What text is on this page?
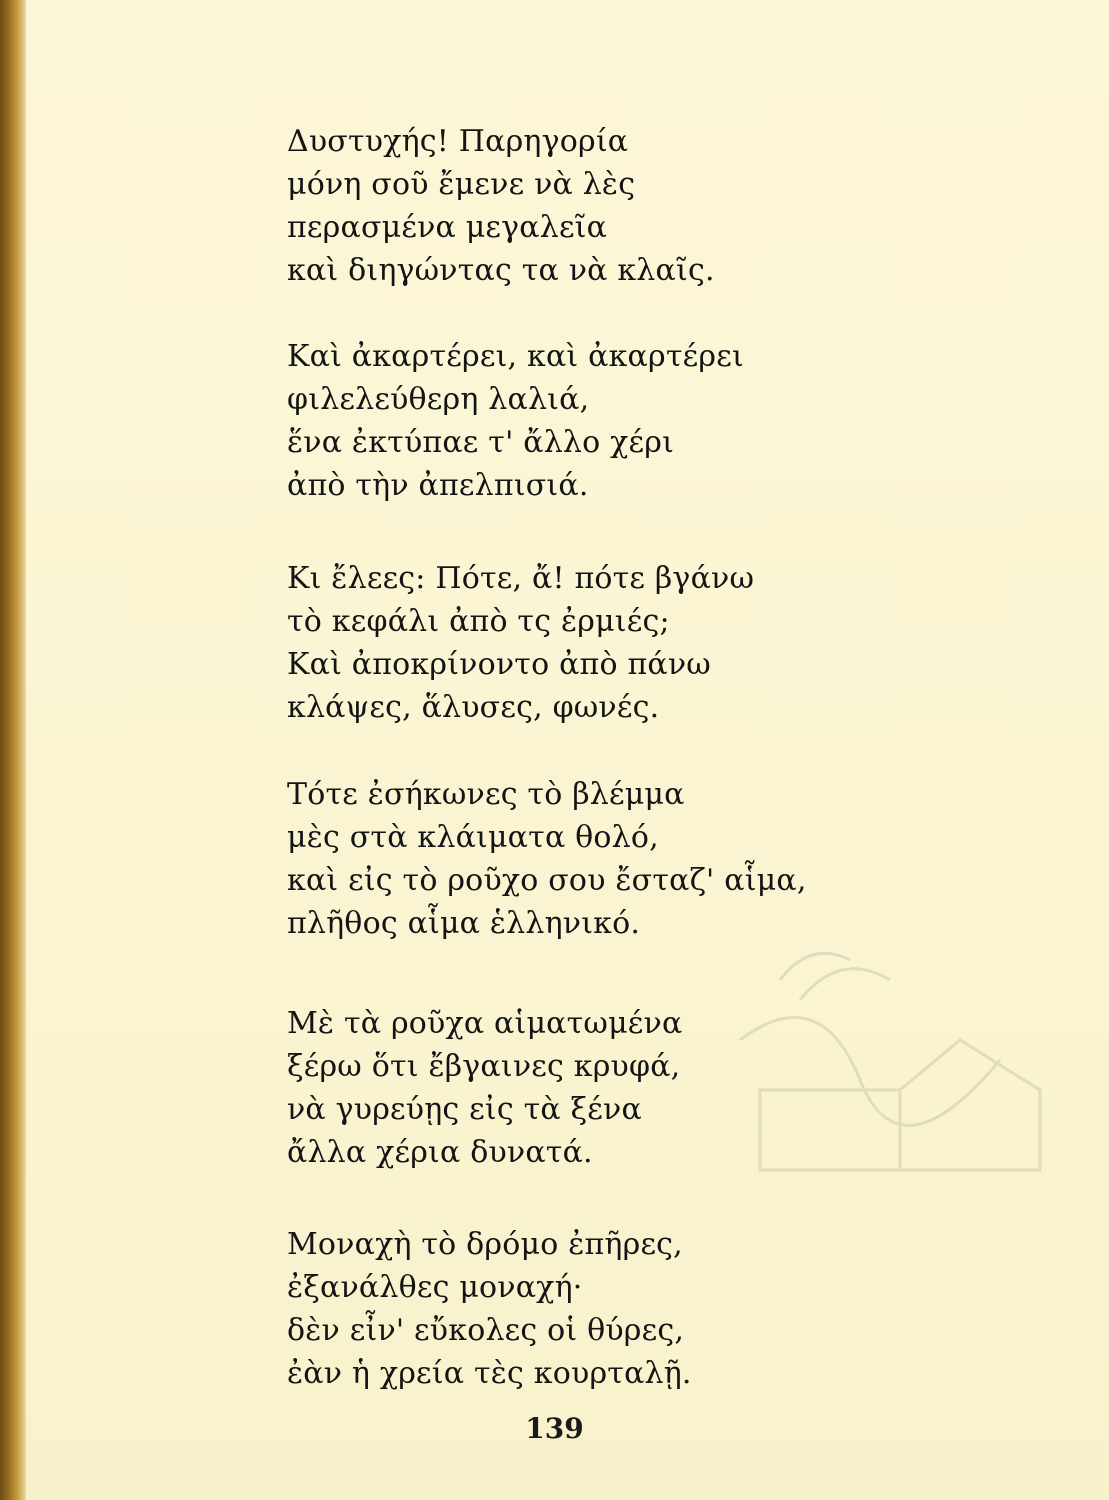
Δυστυχής! Παρηγορία
μόνη σοῦ ἔμενε νὰ λὲς
περασμένα μεγαλεῖα
καὶ διηγώντας τα νὰ κλαῖς.
Καὶ ἀκαρτέρει, καὶ ἀκαρτέρει
φιλελεύθερη λαλιά,
ἕνα ἐκτύπαε τ' ἄλλο χέρι
ἀπὸ τὴν ἀπελπισιά.
Κι ἔλεες: Πότε, ἄ! πότε βγάνω
τὸ κεφάλι ἀπὸ τς ἐρμιές;
Καὶ ἀποκρίνοντο ἀπὸ πάνω
κλάψες, ἅλυσες, φωνές.
Τότε ἐσήκωνες τὸ βλέμμα
μὲς στὰ κλάιματα θολό,
καὶ εἰς τὸ ροῦχο σου ἔσταζ' αἷμα,
πλῆθος αἷμα ἑλληνικό.
Μὲ τὰ ροῦχα αἱματωμένα
ξέρω ὅτι ἔβγαινες κρυφά,
νὰ γυρεύῃς εἰς τὰ ξένα
ἄλλα χέρια δυνατά.
Μοναχὴ τὸ δρόμο ἐπῆρες,
ἐξανάλθες μοναχή·
δὲν εἶν' εὔκολες οἱ θύρες,
ἐὰν ἡ χρεία τὲς κουρταλῇ.
139
